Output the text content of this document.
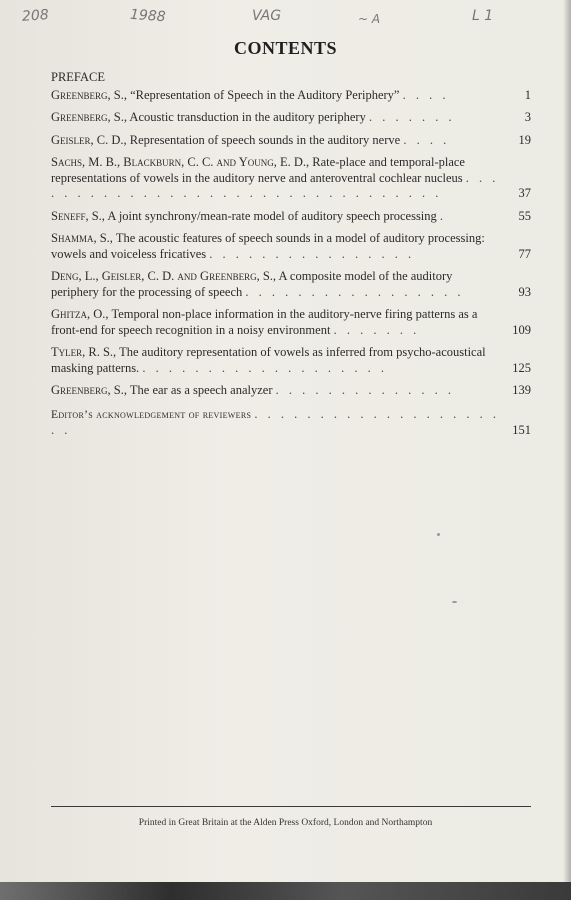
208	1988	VAG	~ A	L 1
CONTENTS
PREFACE
Greenberg, S., “Representation of Speech in the Auditory Periphery” . . . .	1
Greenberg, S., Acoustic transduction in the auditory periphery . . . . . . .	3
Geisler, C. D., Representation of speech sounds in the auditory nerve . . . .	19
Sachs, M. B., Blackburn, C. C. and Young, E. D., Rate-place and temporal-place representations of vowels in the auditory nerve and anteroventral cochlear nucleus . . . . . . . . . . . . . . . . . . . . . . . . . . . . . . . . .	37
Seneff, S., A joint synchrony/mean-rate model of auditory speech processing .	55
Shamma, S., The acoustic features of speech sounds in a model of auditory processing: vowels and voiceless fricatives . . . . . . . . . . . . . . . .	77
Deng, L., Geisler, C. D. and Greenberg, S., A composite model of the auditory periphery for the processing of speech . . . . . . . . . . . . . . . . .	93
Ghitza, O., Temporal non-place information in the auditory-nerve firing patterns as a front-end for speech recognition in a noisy environment . . . . . . .	109
Tyler, R. S., The auditory representation of vowels as inferred from psycho-acoustical masking patterns. . . . . . . . . . . . . . . . . . . .	125
Greenberg, S., The ear as a speech analyzer . . . . . . . . . . . . . .	139
Editor’s acknowledgement of reviewers . . . . . . . . . . . . . . . . . . . . .	151
Printed in Great Britain at the Alden Press Oxford, London and Northampton
